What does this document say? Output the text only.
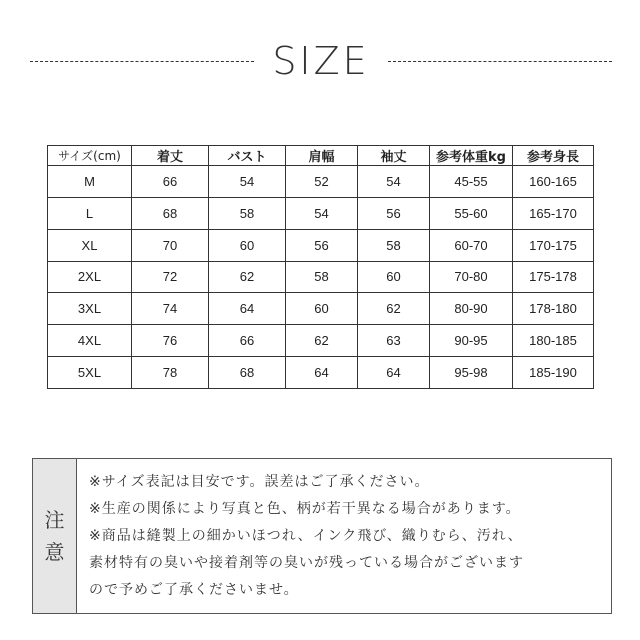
SIZE
サイズ(cm)	着丈	バスト	肩幅	袖丈	参考体重kg	参考身長
M	66	54	52	54	45-55	160-165
L	68	58	54	56	55-60	165-170
XL	70	60	56	58	60-70	170-175
2XL	72	62	58	60	70-80	175-178
3XL	74	64	60	62	80-90	178-180
4XL	76	66	62	63	90-95	180-185
5XL	78	68	64	64	95-98	185-190
注
意
※サイズ表記は目安です。誤差はご了承ください。
※生産の関係により写真と色、柄が若干異なる場合があります。
※商品は縫製上の細かいほつれ、インク飛び、織りむら、汚れ、
素材特有の臭いや接着剤等の臭いが残っている場合がございます
ので予めご了承くださいませ。
